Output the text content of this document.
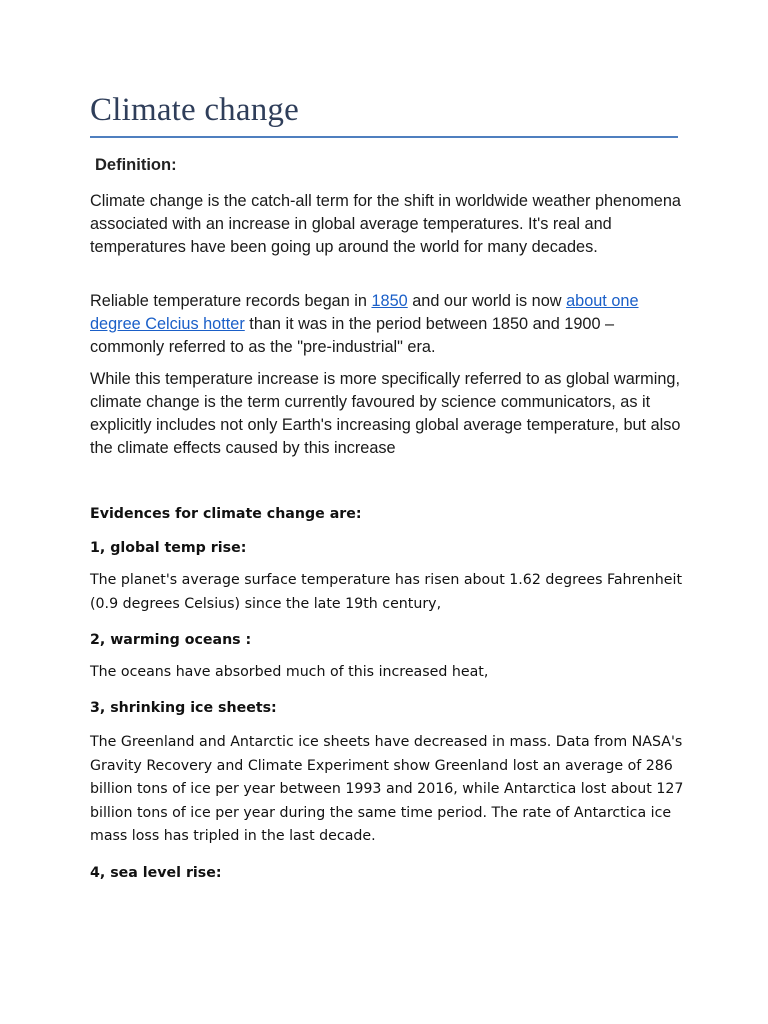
Climate change
Definition:

Climate change is the catch-all term for the shift in worldwide weather phenomena associated with an increase in global average temperatures. It's real and temperatures have been going up around the world for many decades.

Reliable temperature records began in 1850 and our world is now about one degree Celcius hotter than it was in the period between 1850 and 1900 – commonly referred to as the "pre-industrial" era.

While this temperature increase is more specifically referred to as global warming, climate change is the term currently favoured by science communicators, as it explicitly includes not only Earth's increasing global average temperature, but also the climate effects caused by this increase

Evidences for climate change are:

1, global temp rise:

The planet's average surface temperature has risen about 1.62 degrees Fahrenheit (0.9 degrees Celsius) since the late 19th century,

2, warming oceans :

The oceans have absorbed much of this increased heat,

3, shrinking ice sheets:

The Greenland and Antarctic ice sheets have decreased in mass. Data from NASA's Gravity Recovery and Climate Experiment show Greenland lost an average of 286 billion tons of ice per year between 1993 and 2016, while Antarctica lost about 127 billion tons of ice per year during the same time period. The rate of Antarctica ice mass loss has tripled in the last decade.

4, sea level rise:
